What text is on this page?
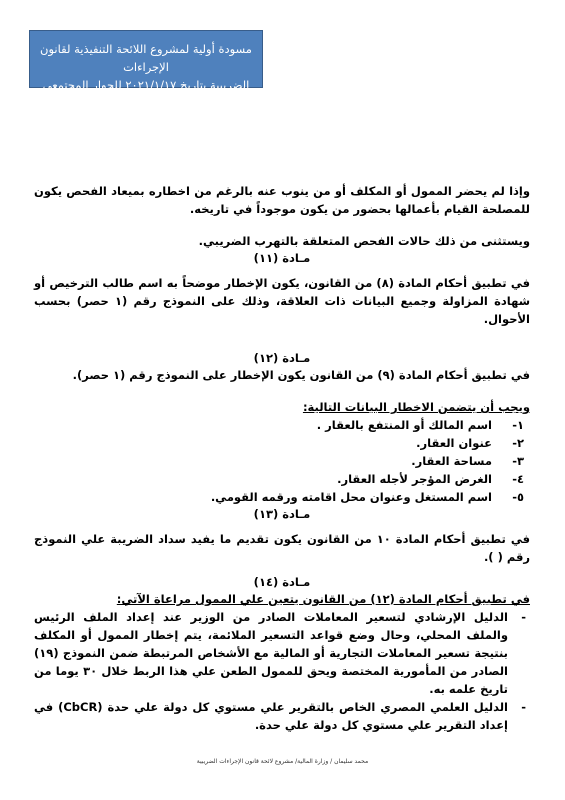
مسودة أولية لمشروع اللائحة التنفيذية لقانون الإجراءات
الضريبية بتاريخ ٢٠٢١/١/١٧ للحوار المجتمعي

وإذا لم يحضر الممول أو المكلف أو من ينوب عنه بالرغم من اخطاره بميعاد الفحص يكون للمصلحة القيام بأعمالها بحضور من يكون موجوداً في تاريخه.

ويستثنى من ذلك حالات الفحص المتعلقة بالتهرب الضريبي.

مـادة (١١)

في تطبيق أحكام المادة (٨) من القانون، يكون الإخطار موضحاً به اسم طالب الترخيص أو شهادة المزاولة وجميع البيانات ذات العلاقة، وذلك على النموذج رقم (١ حصر) بحسب الأحوال.

مـادة (١٢)

في تطبيق أحكام المادة (٩) من القانون يكون الإخطار على النموذج رقم (١ حصر).

ويجب أن يتضمن الاخطار البيانات التالية:

١-
اسم المالك أو المنتفع بالعقار .
٢-
عنوان العقار.
٣-
مساحة العقار.
٤-
الغرض المؤجر لأجله العقار.
٥-
اسم المستغل وعنوان محل اقامته ورقمه القومي.

مـادة (١٣)

في تطبيق أحكام المادة ١٠ من القانون يكون تقديم ما يفيد سداد الضريبة علي النموذج رقم ( ).

مـادة (١٤)

في تطبيق أحكام المادة (١٢) من القانون يتعين علي الممول مراعاة الآتي:

-
الدليل الإرشادي لتسعير المعاملات الصادر من الوزير عند إعداد الملف الرئيس والملف المحلي، وحال وضع قواعد التسعير الملائمة، يتم إخطار الممول أو المكلف بنتيجة تسعير المعاملات التجارية أو المالية مع الأشخاص المرتبطة ضمن النموذج (١٩) الصادر من المأمورية المختصة ويحق للممول الطعن علي هذا الربط خلال ٣٠ يوما من تاريخ علمه به.
-
الدليل العلمي المصري الخاص بالتقرير علي مستوي كل دولة علي حدة (CbCR) في إعداد التقرير علي مستوي كل دولة علي حدة.
محمد سليمان / وزارة المالية/ مشروع لائحة قانون الإجراءات الضريبية
